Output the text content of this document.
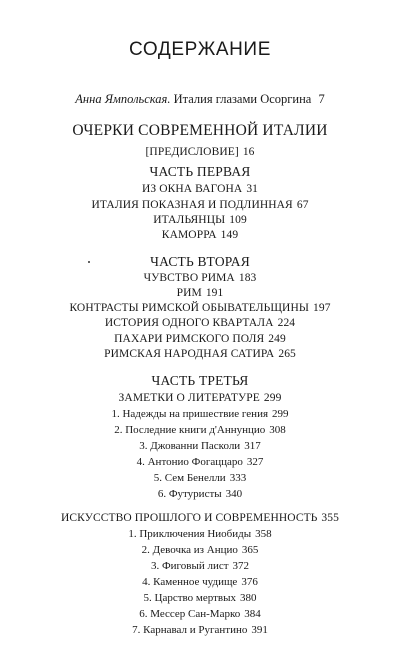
СОДЕРЖАНИЕ
Анна Ямпольская. Италия глазами Осоргина 7
ОЧЕРКИ СОВРЕМЕННОЙ ИТАЛИИ
[ПРЕДИСЛОВИЕ] 16
ЧАСТЬ ПЕРВАЯ
ИЗ ОКНА ВАГОНА 31
ИТАЛИЯ ПОКАЗНАЯ И ПОДЛИННАЯ 67
ИТАЛЬЯНЦЫ 109
КАМОРРА 149
ЧАСТЬ ВТОРАЯ
ЧУВСТВО РИМА 183
РИМ 191
КОНТРАСТЫ РИМСКОЙ ОБЫВАТЕЛЬЩИНЫ 197
ИСТОРИЯ ОДНОГО КВАРТАЛА 224
ПАХАРИ РИМСКОГО ПОЛЯ 249
РИМСКАЯ НАРОДНАЯ САТИРА 265
ЧАСТЬ ТРЕТЬЯ
ЗАМЕТКИ О ЛИТЕРАТУРЕ 299
1. Надежды на пришествие гения 299
2. Последние книги д'Аннунцио 308
3. Джованни Пасколи 317
4. Антонио Фогаццаро 327
5. Сем Бенелли 333
6. Футуристы 340
ИСКУССТВО ПРОШЛОГО И СОВРЕМЕННОСТЬ 355
1. Приключения Ниобиды 358
2. Девочка из Анцио 365
3. Фиговый лист 372
4. Каменное чудище 376
5. Царство мертвых 380
6. Мессер Сан-Марко 384
7. Карнавал и Ругантино 391
